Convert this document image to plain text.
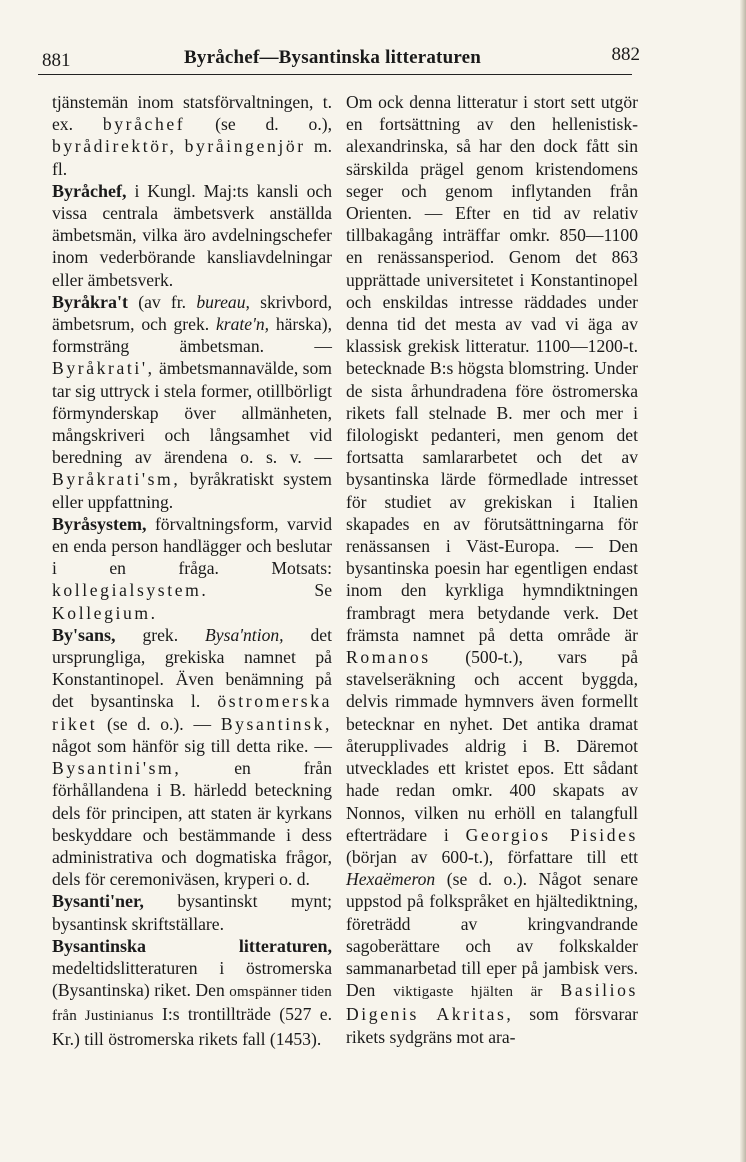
881	Byråchef—Bysantinska litteraturen	882

tjänstemän inom statsförvaltningen, t. ex. byråchef (se d. o.), byrådirektör, byråingenjör m. fl.

Byråchef, i Kungl. Maj:ts kansli och vissa centrala ämbetsverk anställda ämbetsmän, vilka äro avdelningschefer inom vederbörande kansliavdelningar eller ämbetsverk.

Byråkra't (av fr. bureau, skrivbord, ämbetsrum, och grek. krate'n, härska), formsträng ämbetsman. — Byråkrati', ämbetsmannavälde, som tar sig uttryck i stela former, otillbörligt förmynderskap över allmänheten, mångskriveri och långsamhet vid beredning av ärendena o. s. v. — Byråkrati'sm, byråkratiskt system eller uppfattning.

Byråsystem, förvaltningsform, varvid en enda person handlägger och beslutar i en fråga. Motsats: kollegialsystem.	Se Kollegium.

By'sans, grek. Bysa'ntion, det ursprungliga, grekiska namnet på Konstantinopel. Även benämning på det bysantinska l. östromerska riket (se d. o.). — Bysantinsk, något som hänför sig till detta rike. — Bysantini'sm,	en från förhållandena i B. härledd beteckning dels för principen, att staten är kyrkans beskyddare och bestämmande i dess administrativa och dogmatiska frågor, dels för ceremoniväsen, kryperi o. d.

Bysanti'ner, bysantinskt mynt; bysantinsk skriftställare.

Bysantinska litteraturen, medeltidslitteraturen i östromerska (Bysantinska) riket. Den omspänner tiden från Justinianus I:s trontillträde (527 e. Kr.) till östromerska rikets fall (1453).

Om ock denna litteratur i stort sett utgör en fortsättning av den hellenistisk-alexandrinska, så har den dock fått sin särskilda prägel genom kristendomens seger och genom inflytanden från Orienten. — Efter en tid av relativ tillbakagång inträffar omkr. 850—1100 en renässansperiod. Genom det 863 upprättade universitetet i Konstantinopel och enskildas intresse räddades under denna tid det mesta av vad vi äga av klassisk grekisk litteratur. 1100—1200-t. betecknade B:s högsta blomstring. Under de sista århundradena före östromerska rikets fall stelnade B. mer och mer i filologiskt pedanteri, men genom det fortsatta samlararbetet och det av bysantinska lärde förmedlade intresset för studiet av grekiskan i Italien skapades en av förutsättningarna för renässansen i Väst-Europa. — Den bysantinska poesin har egentligen endast inom den kyrkliga hymndiktningen frambragt mera betydande verk. Det främsta namnet på detta område är Romanos (500-t.), vars på stavelseräkning och accent byggda, delvis rimmade hymnvers även formellt betecknar en nyhet. Det antika dramat återupplivades aldrig i B. Däremot utvecklades ett kristet epos. Ett sådant hade redan omkr. 400 skapats av Nonnos, vilken nu erhöll en talangfull efterträdare i Georgios Pisides (början av 600-t.), författare till ett Hexaëmeron (se d. o.). Något senare uppstod på folkspråket en hjältediktning, företrädd av kringvandrande sagoberättare och av folkskalder sammanarbetad till eper på jambisk vers. Den viktigaste hjälten är Basilios Digenis Akritas, som försvarar rikets sydgräns mot ara-
